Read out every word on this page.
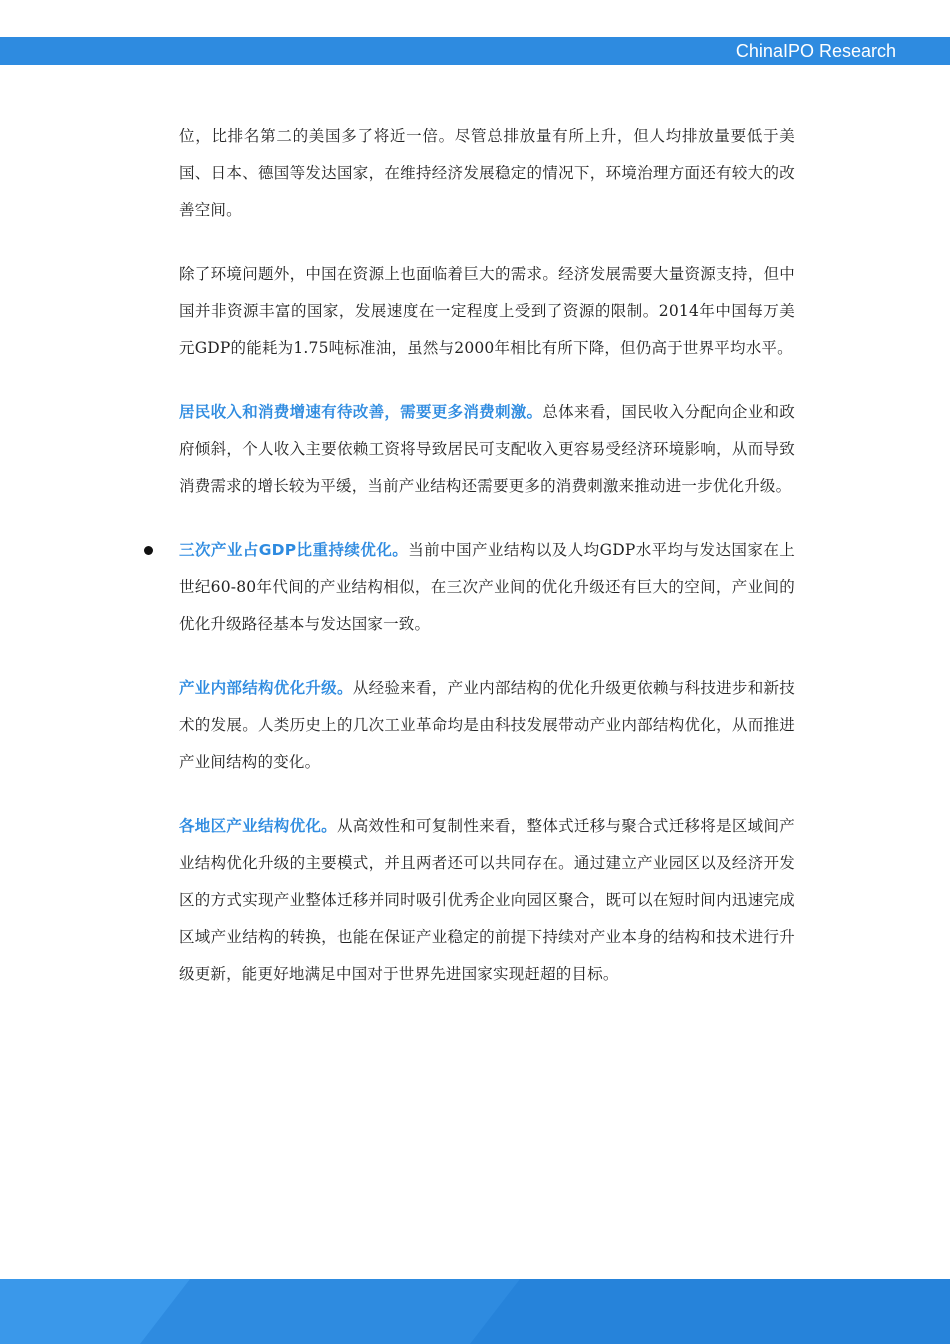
ChinaIPO Research

位，比排名第二的美国多了将近一倍。尽管总排放量有所上升，但人均排放量要低于美国、日本、德国等发达国家，在维持经济发展稳定的情况下，环境治理方面还有较大的改善空间。

除了环境问题外，中国在资源上也面临着巨大的需求。经济发展需要大量资源支持，但中国并非资源丰富的国家，发展速度在一定程度上受到了资源的限制。2014年中国每万美元GDP的能耗为1.75吨标准油，虽然与2000年相比有所下降，但仍高于世界平均水平。

居民收入和消费增速有待改善，需要更多消费刺激。总体来看，国民收入分配向企业和政府倾斜，个人收入主要依赖工资将导致居民可支配收入更容易受经济环境影响，从而导致消费需求的增长较为平缓，当前产业结构还需要更多的消费刺激来推动进一步优化升级。

三次产业占GDP比重持续优化。当前中国产业结构以及人均GDP水平均与发达国家在上世纪60-80年代间的产业结构相似，在三次产业间的优化升级还有巨大的空间，产业间的优化升级路径基本与发达国家一致。

产业内部结构优化升级。从经验来看，产业内部结构的优化升级更依赖与科技进步和新技术的发展。人类历史上的几次工业革命均是由科技发展带动产业内部结构优化，从而推进产业间结构的变化。

各地区产业结构优化。从高效性和可复制性来看，整体式迁移与聚合式迁移将是区域间产业结构优化升级的主要模式，并且两者还可以共同存在。通过建立产业园区以及经济开发区的方式实现产业整体迁移并同时吸引优秀企业向园区聚合，既可以在短时间内迅速完成区域产业结构的转换，也能在保证产业稳定的前提下持续对产业本身的结构和技术进行升级更新，能更好地满足中国对于世界先进国家实现赶超的目标。
